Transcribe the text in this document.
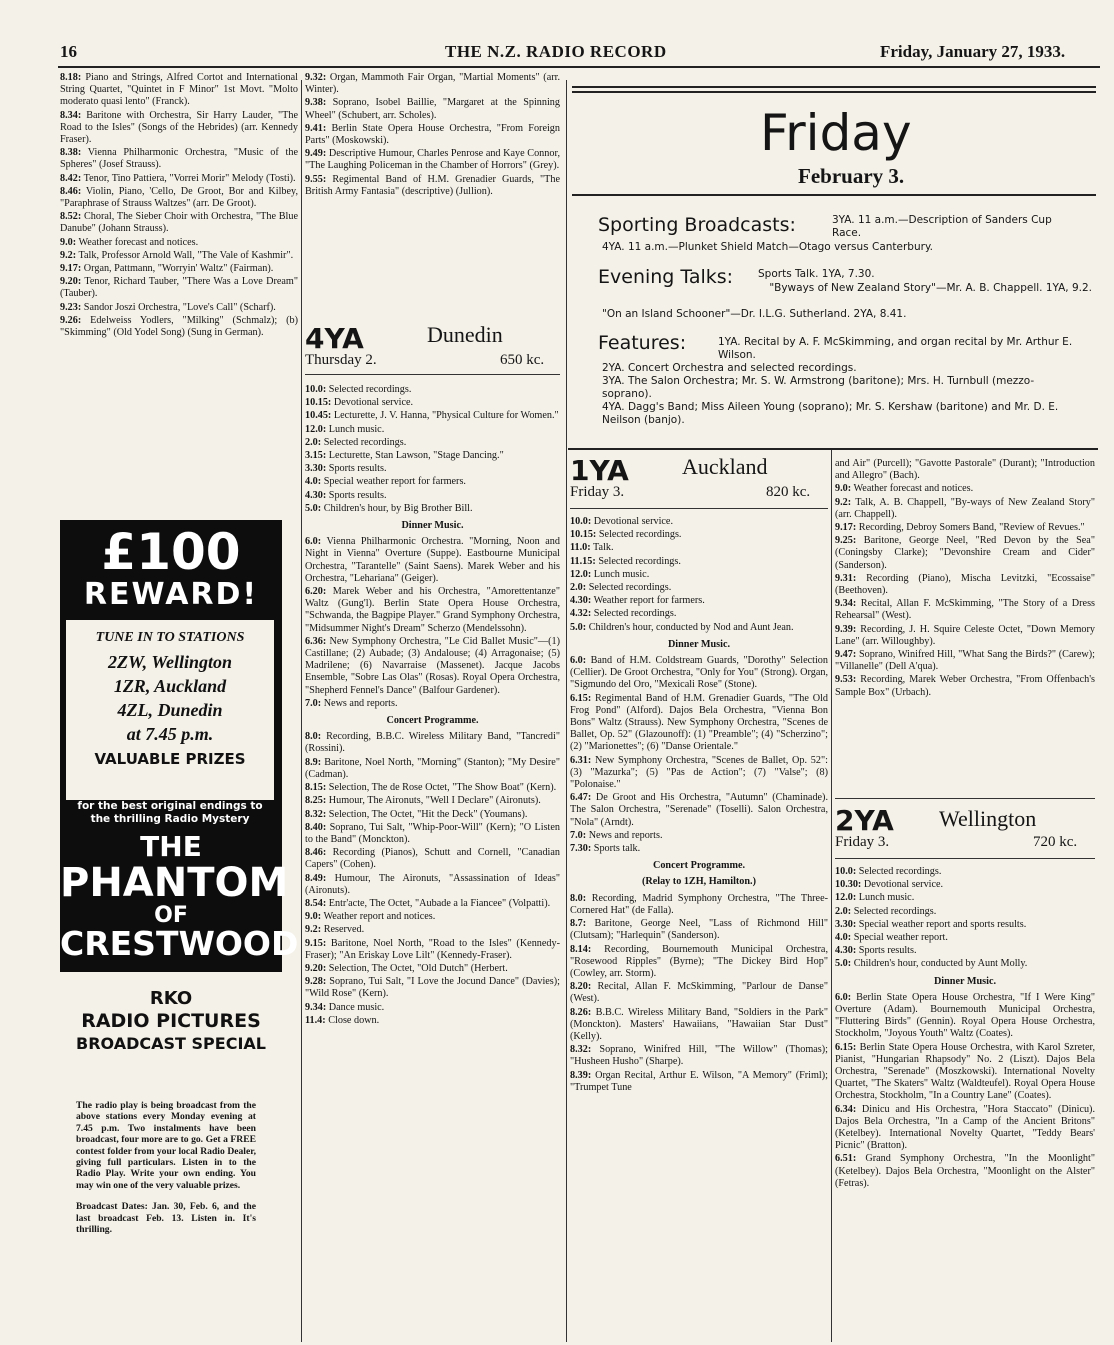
16	THE N.Z. RADIO RECORD	Friday, January 27, 1933.
8.18: Piano and Strings, Alfred Cortot and International String Quartet, "Quintet in F Minor" 1st Movt. "Molto moderato quasi lento" (Franck).
8.34: Baritone with Orchestra, Sir Harry Lauder, "The Road to the Isles" (Songs of the Hebrides) (arr. Kennedy Fraser).
8.38: Vienna Philharmonic Orchestra, "Music of the Spheres" (Josef Strauss).
8.42: Tenor, Tino Pattiera, "Vorrei Morir" Melody (Tosti).
8.46: Violin, Piano, 'Cello, De Groot, Bor and Kilbey, "Paraphrase of Strauss Waltzes" (arr. De Groot).
8.52: Choral, The Sieber Choir with Orchestra, "The Blue Danube" (Johann Strauss).
9.0: Weather forecast and notices.
9.2: Talk, Professor Arnold Wall, "The Vale of Kashmir".
9.17: Organ, Pattmann, "Worryin' Waltz" (Fairman).
9.20: Tenor, Richard Tauber, "There Was a Love Dream" (Tauber).
9.23: Sandor Joszi Orchestra, "Love's Call" (Scharf).
9.26: Edelweiss Yodlers, "Milking" (Schmalz); (b) "Skimming" (Old Yodel Song) (Sung in German).
£100
REWARD!
TUNE IN TO STATIONS
2ZW, Wellington
1ZR, Auckland
4ZL, Dunedin
at 7.45 p.m.
VALUABLE PRIZES
for the best original endings to the thrilling Radio Mystery
THE
PHANTOM
OF
CRESTWOOD
RKO
RADIO PICTURES
BROADCAST SPECIAL
The radio play is being broadcast from the above stations every Monday evening at 7.45 p.m. Two instalments have been broadcast, four more are to go. Get a FREE contest folder from your local Radio Dealer, giving full particulars. Listen in to the Radio Play. Write your own ending. You may win one of the very valuable prizes.
Broadcast Dates: Jan. 30, Feb. 6, and the last broadcast Feb. 13. Listen in. It's thrilling.
9.32: Organ, Mammoth Fair Organ, "Martial Moments" (arr. Winter).
9.38: Soprano, Isobel Baillie, "Margaret at the Spinning Wheel" (Schubert, arr. Scholes).
9.41: Berlin State Opera House Orchestra, "From Foreign Parts" (Moskowski).
9.49: Descriptive Humour, Charles Penrose and Kaye Connor, "The Laughing Policeman in the Chamber of Horrors" (Grey).
9.55: Regimental Band of H.M. Grenadier Guards, "The British Army Fantasia" (descriptive) (Jullion).
4YA	Dunedin
Thursday 2.	650 kc.
10.0: Selected recordings.
10.15: Devotional service.
10.45: Lecturette, J. V. Hanna, "Physical Culture for Women."
12.0: Lunch music.
2.0: Selected recordings.
3.15: Lecturette, Stan Lawson, "Stage Dancing."
3.30: Sports results.
4.0: Special weather report for farmers.
4.30: Sports results.
5.0: Children's hour, by Big Brother Bill.
Dinner Music.
6.0: Vienna Philharmonic Orchestra. "Morning, Noon and Night in Vienna" Overture (Suppe). Eastbourne Municipal Orchestra, "Tarantelle" (Saint Saens). Marek Weber and his Orchestra, "Lehariana" (Geiger).
6.20: Marek Weber and his Orchestra, "Amorettentanze" Waltz (Gung'l). Berlin State Opera House Orchestra, "Schwanda, the Bagpipe Player." Grand Symphony Orchestra, "Midsummer Night's Dream" Scherzo (Mendelssohn).
6.36: New Symphony Orchestra, "Le Cid Ballet Music"—(1) Castillane; (2) Aubade; (3) Andalouse; (4) Arragonaise; (5) Madrilene; (6) Navarraise (Massenet). Jacque Jacobs Ensemble, "Sobre Las Olas" (Rosas). Royal Opera Orchestra, "Shepherd Fennel's Dance" (Balfour Gardener).
7.0: News and reports.
Concert Programme.
8.0: Recording, B.B.C. Wireless Military Band, "Tancredi" (Rossini).
8.9: Baritone, Noel North, "Morning" (Stanton); "My Desire" (Cadman).
8.15: Selection, The de Rose Octet, "The Show Boat" (Kern).
8.25: Humour, The Aironuts, "Well I Declare" (Aironuts).
8.32: Selection, The Octet, "Hit the Deck" (Youmans).
8.40: Soprano, Tui Salt, "Whip-Poor-Will" (Kern); "O Listen to the Band" (Monckton).
8.46: Recording (Pianos), Schutt and Cornell, "Canadian Capers" (Cohen).
8.49: Humour, The Aironuts, "Assassination of Ideas" (Aironuts).
8.54: Entr'acte, The Octet, "Aubade a la Fiancee" (Volpatti).
9.0: Weather report and notices.
9.2: Reserved.
9.15: Baritone, Noel North, "Road to the Isles" (Kennedy-Fraser); "An Eriskay Love Lilt" (Kennedy-Fraser).
9.20: Selection, The Octet, "Old Dutch" (Herbert.
9.28: Soprano, Tui Salt, "I Love the Jocund Dance" (Davies); "Wild Rose" (Kern).
9.34: Dance music.
11.4: Close down.
Friday
February 3.
Sporting Broadcasts:	3YA. 11 a.m.—Description of Sanders Cup Race.
4YA. 11 a.m.—Plunket Shield Match—Otago versus Canterbury.
Evening Talks: Sports Talk. 1YA, 7.30.
"Byways of New Zealand Story"—Mr. A. B. Chappell. 1YA, 9.2.
"On an Island Schooner"—Dr. I.L.G. Sutherland. 2YA, 8.41.
Features:	1YA. Recital by A. F. McSkimming, and organ recital by Mr. Arthur E. Wilson.
2YA. Concert Orchestra and selected recordings.
3YA. The Salon Orchestra; Mr. S. W. Armstrong (baritone); Mrs. H. Turnbull (mezzo-soprano).
4YA. Dagg's Band; Miss Aileen Young (soprano); Mr. S. Kershaw (baritone) and Mr. D. E. Neilson (banjo).
1YA Auckland
Friday 3.	820 kc.
10.0: Devotional service.
10.15: Selected recordings.
11.0: Talk.
11.15: Selected recordings.
12.0: Lunch music.
2.0: Selected recordings.
4.30: Weather report for farmers.
4.32: Selected recordings.
5.0: Children's hour, conducted by Nod and Aunt Jean.
Dinner Music.
6.0: Band of H.M. Coldstream Guards, "Dorothy" Selection (Cellier). De Groot Orchestra, "Only for You" (Strong). Organ, "Sigmundo del Oro, "Mexicali Rose" (Stone).
6.15: Regimental Band of H.M. Grenadier Guards, "The Old Frog Pond" (Alford). Dajos Bela Orchestra, "Vienna Bon Bons" Waltz (Strauss). New Symphony Orchestra, "Scenes de Ballet, Op. 52" (Glazounoff): (1) "Preamble"; (4) "Scherzino"; (2) "Marionettes"; (6) "Danse Orientale."
6.31: New Symphony Orchestra, "Scenes de Ballet, Op. 52": (3) "Mazurka"; (5) "Pas de Action"; (7) "Valse"; (8) "Polonaise."
6.47: De Groot and His Orchestra, "Autumn" (Chaminade). The Salon Orchestra, "Serenade" (Toselli). Salon Orchestra, "Nola" (Arndt).
7.0: News and reports.
7.30: Sports talk.
Concert Programme.
(Relay to 1ZH, Hamilton.)
8.0: Recording, Madrid Symphony Orchestra, "The Three-Cornered Hat" (de Falla).
8.7: Baritone, George Neel, "Lass of Richmond Hill" (Clutsam); "Harlequin" (Sanderson).
8.14: Recording, Bournemouth Municipal Orchestra, "Rosewood Ripples" (Byrne); "The Dickey Bird Hop" (Cowley, arr. Storm).
8.20: Recital, Allan F. McSkimming, "Parlour de Danse" (West).
8.26: B.B.C. Wireless Military Band, "Soldiers in the Park" (Monckton). Masters' Hawaiians, "Hawaiian Star Dust" (Kelly).
8.32: Soprano, Winifred Hill, "The Willow" (Thomas); "Husheen Husho" (Sharpe).
8.39: Organ Recital, Arthur E. Wilson, "A Memory" (Friml); "Trumpet Tune
and Air" (Purcell); "Gavotte Pastorale" (Durant); "Introduction and Allegro" (Bach).
9.0: Weather forecast and notices.
9.2: Talk, A. B. Chappell, "By-ways of New Zealand Story" (arr. Chappell).
9.17: Recording, Debroy Somers Band, "Review of Revues."
9.25: Baritone, George Neel, "Red Devon by the Sea" (Coningsby Clarke); "Devonshire Cream and Cider" (Sanderson).
9.31: Recording (Piano), Mischa Levitzki, "Ecossaise" (Beethoven).
9.34: Recital, Allan F. McSkimming, "The Story of a Dress Rehearsal" (West).
9.39: Recording, J. H. Squire Celeste Octet, "Down Memory Lane" (arr. Willoughby).
9.47: Soprano, Winifred Hill, "What Sang the Birds?" (Carew); "Villanelle" (Dell A'qua).
9.53: Recording, Marek Weber Orchestra, "From Offenbach's Sample Box" (Urbach).
2YA Wellington
Friday 3.	720 kc.
10.0: Selected recordings.
10.30: Devotional service.
12.0: Lunch music.
2.0: Selected recordings.
3.30: Special weather report and sports results.
4.0: Special weather report.
4.30: Sports results.
5.0: Children's hour, conducted by Aunt Molly.
Dinner Music.
6.0: Berlin State Opera House Orchestra, "If I Were King" Overture (Adam). Bournemouth Municipal Orchestra, "Fluttering Birds" (Gennin). Royal Opera House Orchestra, Stockholm, "Joyous Youth" Waltz (Coates).
6.15: Berlin State Opera House Orchestra, with Karol Szreter, Pianist, "Hungarian Rhapsody" No. 2 (Liszt). Dajos Bela Orchestra, "Serenade" (Moszkowski). International Novelty Quartet, "The Skaters" Waltz (Waldteufel). Royal Opera House Orchestra, Stockholm, "In a Country Lane" (Coates).
6.34: Dinicu and His Orchestra, "Hora Staccato" (Dinicu). Dajos Bela Orchestra, "In a Camp of the Ancient Britons" (Ketelbey). International Novelty Quartet, "Teddy Bears' Picnic" (Bratton).
6.51: Grand Symphony Orchestra, "In the Moonlight" (Ketelbey). Dajos Bela Orchestra, "Moonlight on the Alster" (Fetras).
